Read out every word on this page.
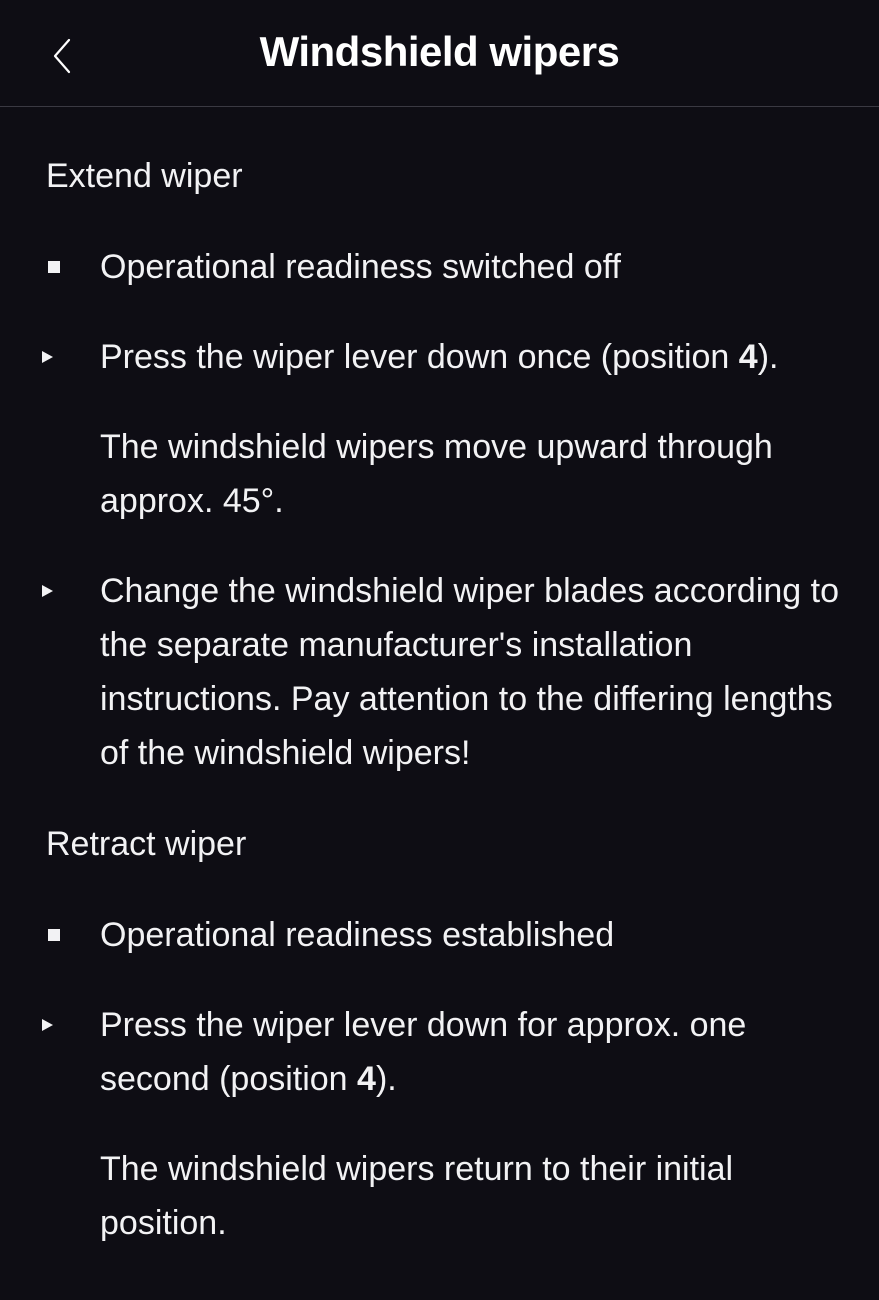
Windshield wipers
Extend wiper
Operational readiness switched off
Press the wiper lever down once (position 4).
The windshield wipers move upward through approx. 45°.
Change the windshield wiper blades according to the separate manufacturer's installation instructions. Pay attention to the differing lengths of the windshield wipers!
Retract wiper
Operational readiness established
Press the wiper lever down for approx. one second (position 4).
The windshield wipers return to their initial position.
